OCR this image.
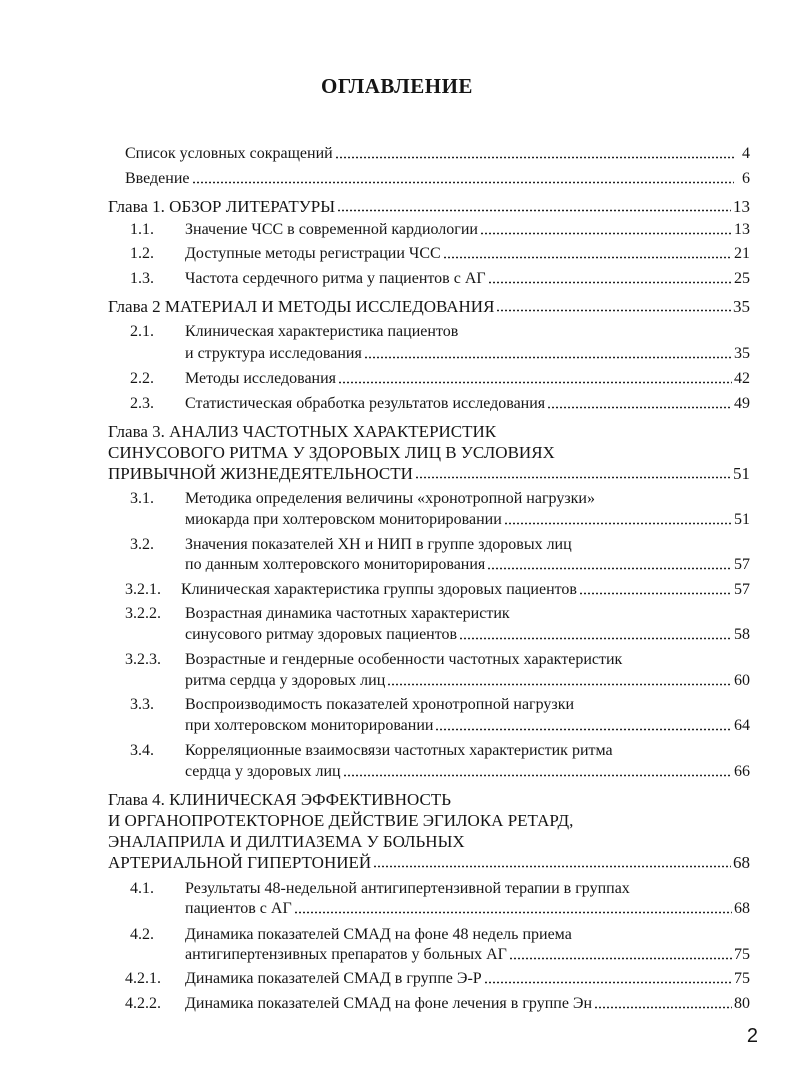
ОГЛАВЛЕНИЕ
Список условных сокращений	4
Введение	6
Глава 1. ОБЗОР ЛИТЕРАТУРЫ	13
1.1. Значение ЧСС в современной кардиологии	13
1.2. Доступные методы регистрации ЧСС	21
1.3. Частота сердечного ритма у пациентов с АГ	25
Глава 2 МАТЕРИАЛ И МЕТОДЫ ИССЛЕДОВАНИЯ	35
2.1. Клиническая характеристика пациентов
и структура исследования	35
2.2. Методы исследования	42
2.3. Статистическая обработка результатов исследования	49
Глава 3. АНАЛИЗ ЧАСТОТНЫХ ХАРАКТЕРИСТИК
СИНУСОВОГО РИТМА У ЗДОРОВЫХ ЛИЦ В УСЛОВИЯХ
ПРИВЫЧНОЙ ЖИЗНЕДЕЯТЕЛЬНОСТИ	51
3.1. Методика определения величины «хронотропной нагрузки»
миокарда при холтеровском мониторировании	51
3.2. Значения показателей ХН и НИП в группе здоровых лиц
по данным холтеровского мониторирования	57
3.2.1. Клиническая характеристика группы здоровых пациентов	57
3.2.2. Возрастная динамика частотных характеристик
синусового ритмау здоровых пациентов	58
3.2.3. Возрастные и гендерные особенности частотных характеристик
ритма сердца у здоровых лиц	60
3.3. Воспроизводимость показателей хронотропной нагрузки
при холтеровском мониторировании	64
3.4. Корреляционные взаимосвязи частотных характеристик ритма
сердца у здоровых лиц	66
Глава 4. КЛИНИЧЕСКАЯ ЭФФЕКТИВНОСТЬ
И ОРГАНОПРОТЕКТОРНОЕ ДЕЙСТВИЕ ЭГИЛОКА РЕТАРД,
ЭНАЛАПРИЛА И ДИЛТИАЗЕМА У БОЛЬНЫХ
АРТЕРИАЛЬНОЙ ГИПЕРТОНИЕЙ	68
4.1. Результаты 48-недельной антигипертензивной терапии в группах
пациентов с АГ	68
4.2. Динамика показателей СМАД на фоне 48 недель приема
антигипертензивных препаратов у больных АГ	75
4.2.1. Динамика показателей СМАД в группе Э-Р	75
4.2.2. Динамика показателей СМАД на фоне лечения в группе Эн	80
2
